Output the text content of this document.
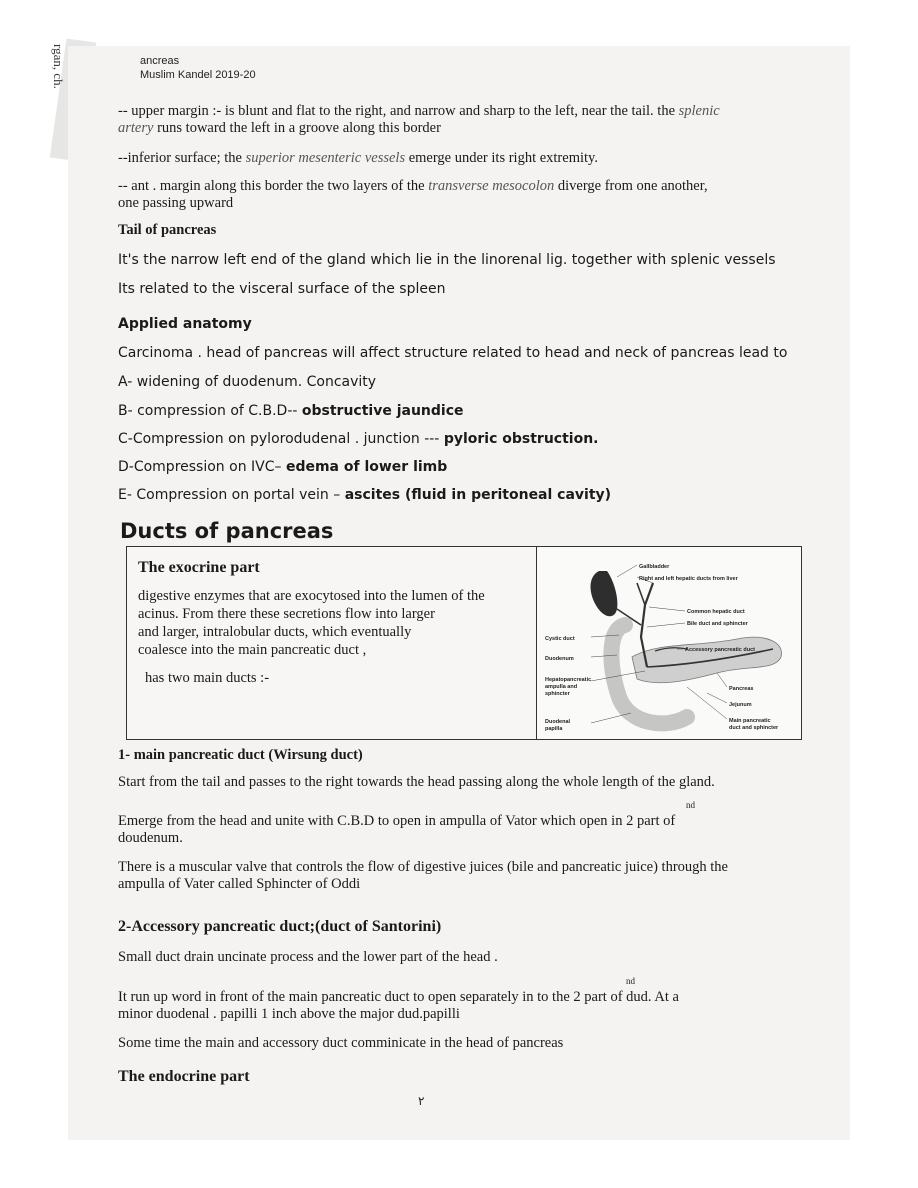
rgan, ch.	ancreas
Muslim Kandel 2019-20
-- upper margin :- is blunt and flat to the right, and narrow and sharp to the left, near the tail. the splenic
artery runs toward the left in a groove along this border
--inferior surface; the superior mesenteric vessels emerge under its right extremity.
-- ant . margin along this border the two layers of the transverse mesocolon diverge from one another,
one passing upward
Tail of pancreas
It's the narrow left end of the gland which lie in the linorenal lig. together with splenic vessels
Its related to the visceral surface of the spleen
Applied anatomy
Carcinoma . head of pancreas will affect structure related to head and neck of pancreas lead to
A- widening of duodenum. Concavity
B- compression of C.B.D-- obstructive jaundice
C-Compression on pylorodudenal . junction --- pyloric obstruction.
D-Compression on IVC– edema of lower limb
E- Compression on portal vein – ascites (fluid in peritoneal cavity)
Ducts of pancreas
The exocrine part
digestive enzymes that are exocytosed into the lumen of the
acinus. From there these secretions flow into larger
and larger, intralobular ducts, which eventually
coalesce into the main pancreatic duct ,
has two main ducts :-
Gallbladder
Right and left hepatic ducts from liver
Common hepatic duct
Bile duct and sphincter
Cystic duct
Accessory pancreatic duct
Duodenum
Hepatopancreatic
ampulla and
sphincter
Pancreas
Jejunum
Duodenal
papilla
Main pancreatic
duct and sphincter
1- main pancreatic duct (Wirsung duct)
Start from the tail and passes to the right towards the head passing along the whole length of the gland.
nd
Emerge from the head and unite with C.B.D to open in ampulla of Vator which open in 2 part of
doudenum.
There is a muscular valve that controls the flow of digestive juices (bile and pancreatic juice) through the
ampulla of Vater called Sphincter of Oddi
2-Accessory pancreatic duct;(duct of Santorini)
Small duct drain uncinate process and the lower part of the head .
nd
It run up word in front of the main pancreatic duct to open separately in to the 2 part of dud. At a
minor duodenal . papilli 1 inch above the major dud.papilli
Some time the main and accessory duct comminicate in the head of pancreas
The endocrine part
٢
